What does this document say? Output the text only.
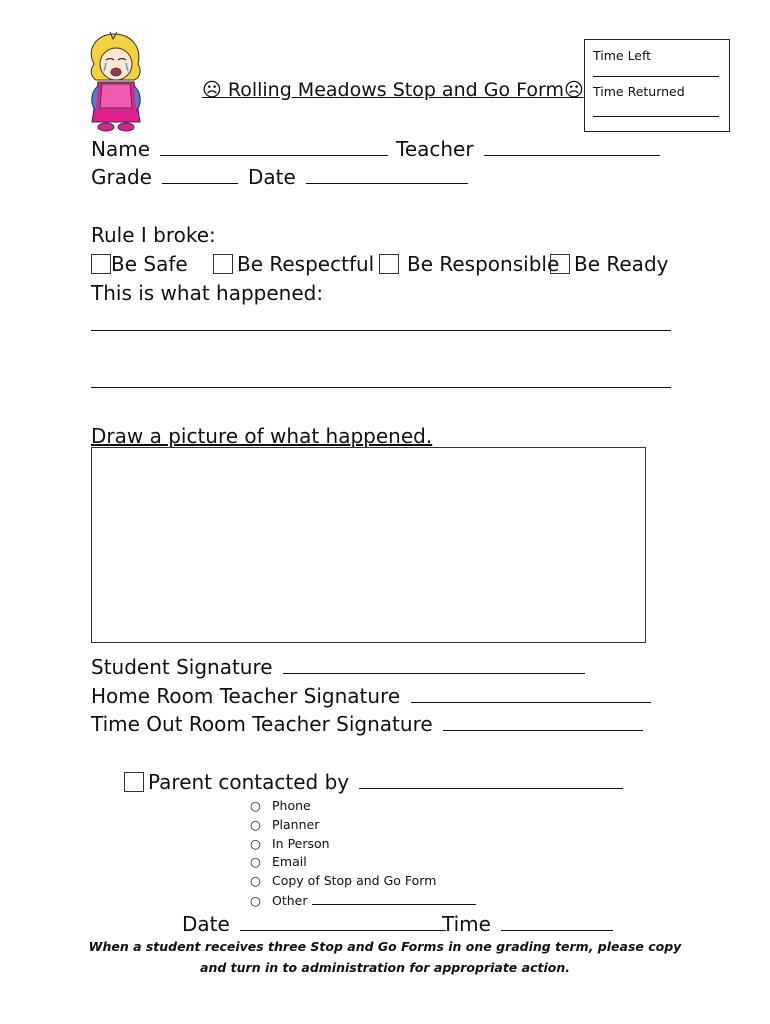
☹ Rolling Meadows Stop and Go Form☹
Time Left
Time Returned
Name	Teacher
Grade	Date
Rule I broke:
Be Safe	Be Respectful	Be Responsible Be Ready
This is what happened:
Draw a picture of what happened.
Student Signature
Home Room Teacher Signature
Time Out Room Teacher Signature
Parent contacted by
○ Phone
○ Planner
○ In Person
○ Email
○ Copy of Stop and Go Form
○ Other
Date	Time
When a student receives three Stop and Go Forms in one grading term, please copy
and turn in to administration for appropriate action.
